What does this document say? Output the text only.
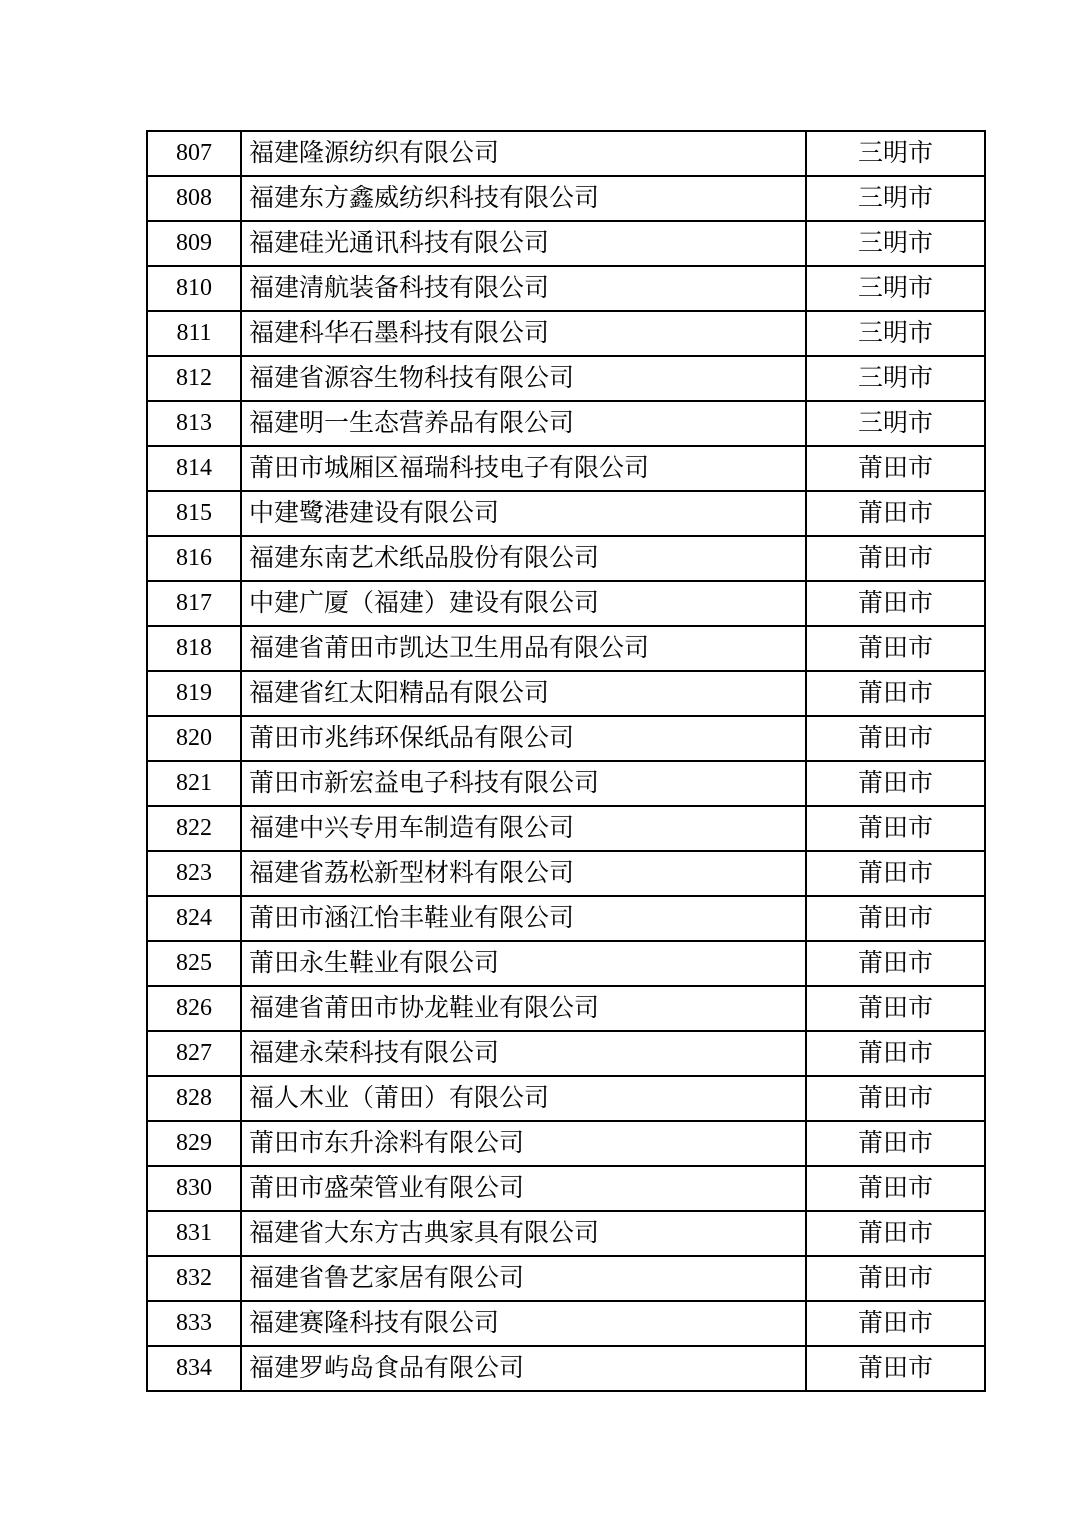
807	福建隆源纺织有限公司	三明市
808	福建东方鑫威纺织科技有限公司	三明市
809	福建硅光通讯科技有限公司	三明市
810	福建清航装备科技有限公司	三明市
811	福建科华石墨科技有限公司	三明市
812	福建省源容生物科技有限公司	三明市
813	福建明一生态营养品有限公司	三明市
814	莆田市城厢区福瑞科技电子有限公司	莆田市
815	中建鹭港建设有限公司	莆田市
816	福建东南艺术纸品股份有限公司	莆田市
817	中建广厦（福建）建设有限公司	莆田市
818	福建省莆田市凯达卫生用品有限公司	莆田市
819	福建省红太阳精品有限公司	莆田市
820	莆田市兆纬环保纸品有限公司	莆田市
821	莆田市新宏益电子科技有限公司	莆田市
822	福建中兴专用车制造有限公司	莆田市
823	福建省荔松新型材料有限公司	莆田市
824	莆田市涵江怡丰鞋业有限公司	莆田市
825	莆田永生鞋业有限公司	莆田市
826	福建省莆田市协龙鞋业有限公司	莆田市
827	福建永荣科技有限公司	莆田市
828	福人木业（莆田）有限公司	莆田市
829	莆田市东升涂料有限公司	莆田市
830	莆田市盛荣管业有限公司	莆田市
831	福建省大东方古典家具有限公司	莆田市
832	福建省鲁艺家居有限公司	莆田市
833	福建赛隆科技有限公司	莆田市
834	福建罗屿岛食品有限公司	莆田市
